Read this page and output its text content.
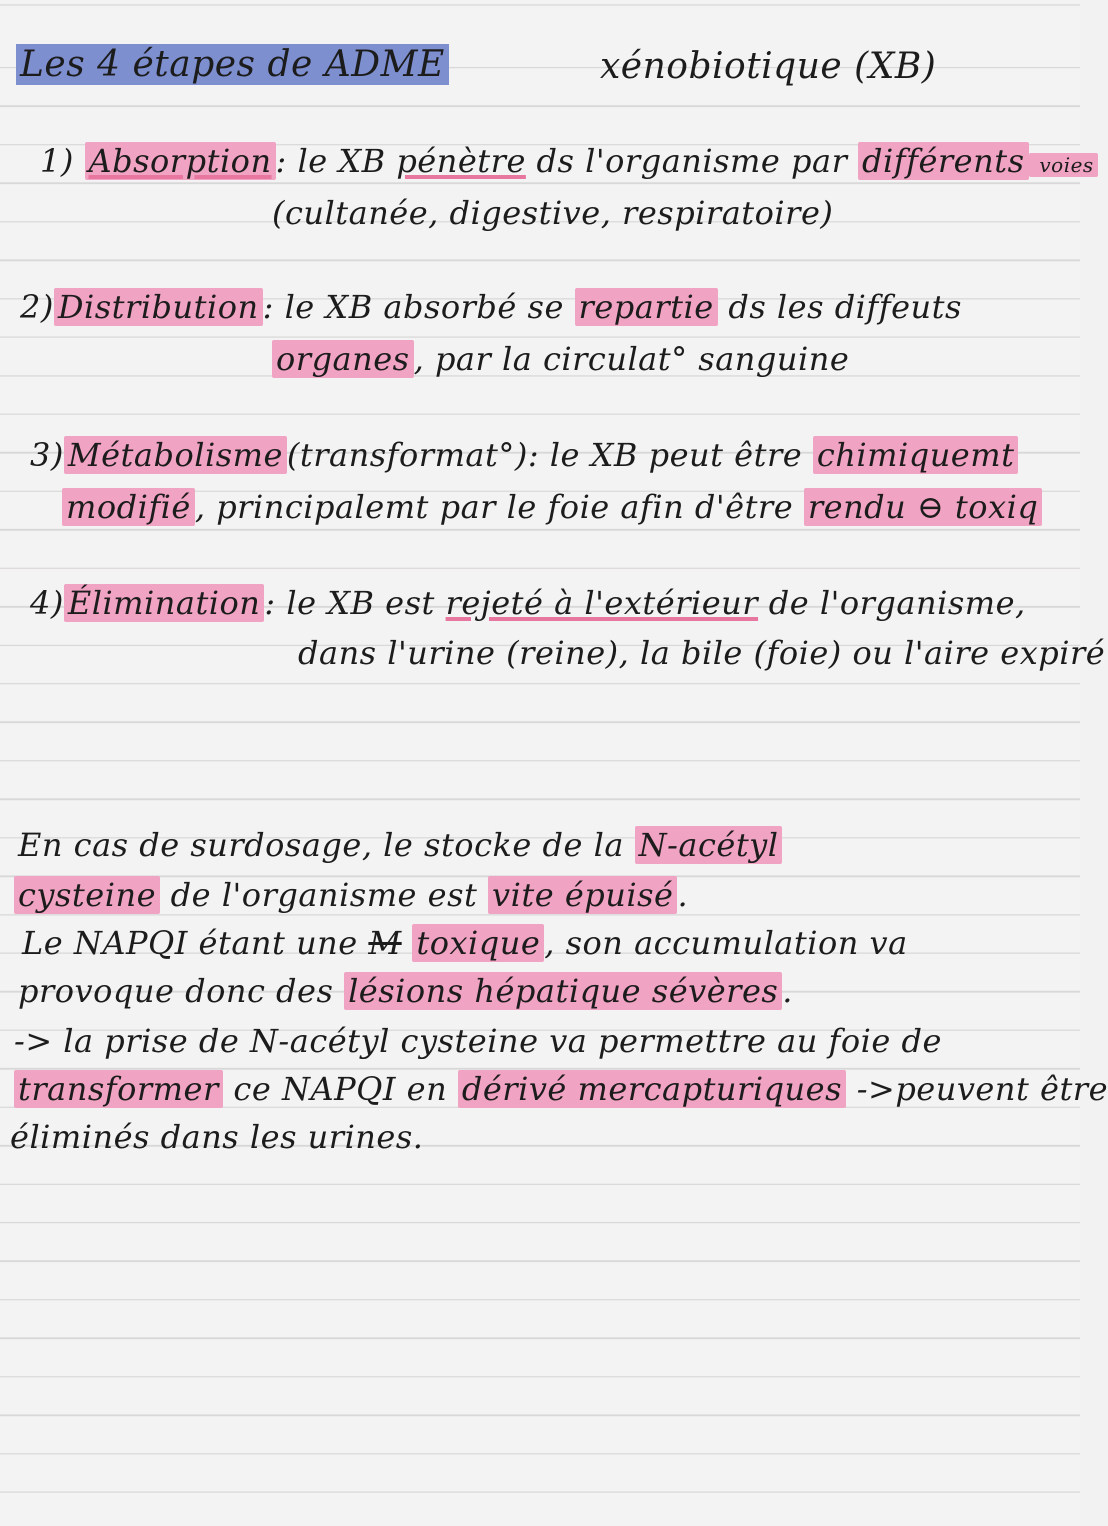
Les 4 étapes de ADME	xénobiotique (XB)
1) Absorption : le XB pénètre ds l'organisme par différents voies
(cultanée, digestive, respiratoire)
2) Distribution : le XB absorbé se repartie ds les diffeuts
organes , par la circulat° sanguine
3) Métabolisme (transformat°): le XB peut être chimiquemt
modifié , principalemt par le foie afin d'être rendu ⊖ toxiq
4) Élimination : le XB est rejeté à l'extérieur de l'organisme,
dans l'urine (reine), la bile (foie) ou l'aire expiré
En cas de surdosage, le stocke de la N-acétyl
cysteine de l'organisme est vite épuisé .
Le NAPQI étant une M toxique , son accumulation va
provoque donc des lésions hépatique sévères .
-> la prise de N-acétyl cysteine va permettre au foie de
transformer ce NAPQI en dérivé mercapturiques ->peuvent être
éliminés dans les urines.
